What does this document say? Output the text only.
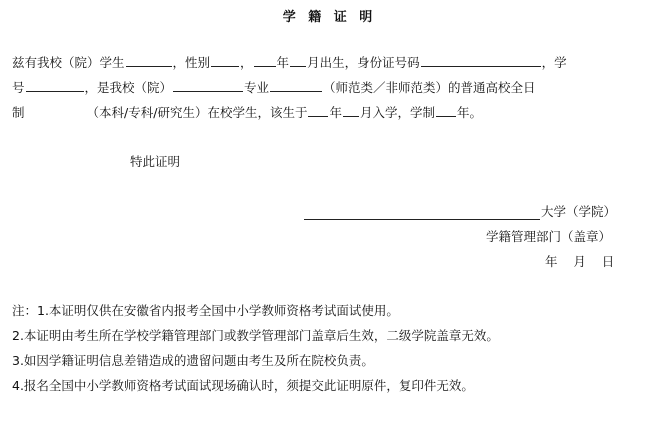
学 籍 证 明
兹有我校（院）学生	，性别 ， 年 月出生，身份证号码	，学
号	，是我校（院）	专业	（师范类／非师范类）的普通高校全日
制	（本科/专科/研究生）在校学生，该生于 年 月入学，学制 年。
特此证明
大学（学院）
学籍管理部门（盖章）
年    月    日
注：1.本证明仅供在安徽省内报考全国中小学教师资格考试面试使用。
2.本证明由考生所在学校学籍管理部门或教学管理部门盖章后生效，二级学院盖章无效。
3.如因学籍证明信息差错造成的遗留问题由考生及所在院校负责。
4.报名全国中小学教师资格考试面试现场确认时，须提交此证明原件，复印件无效。
